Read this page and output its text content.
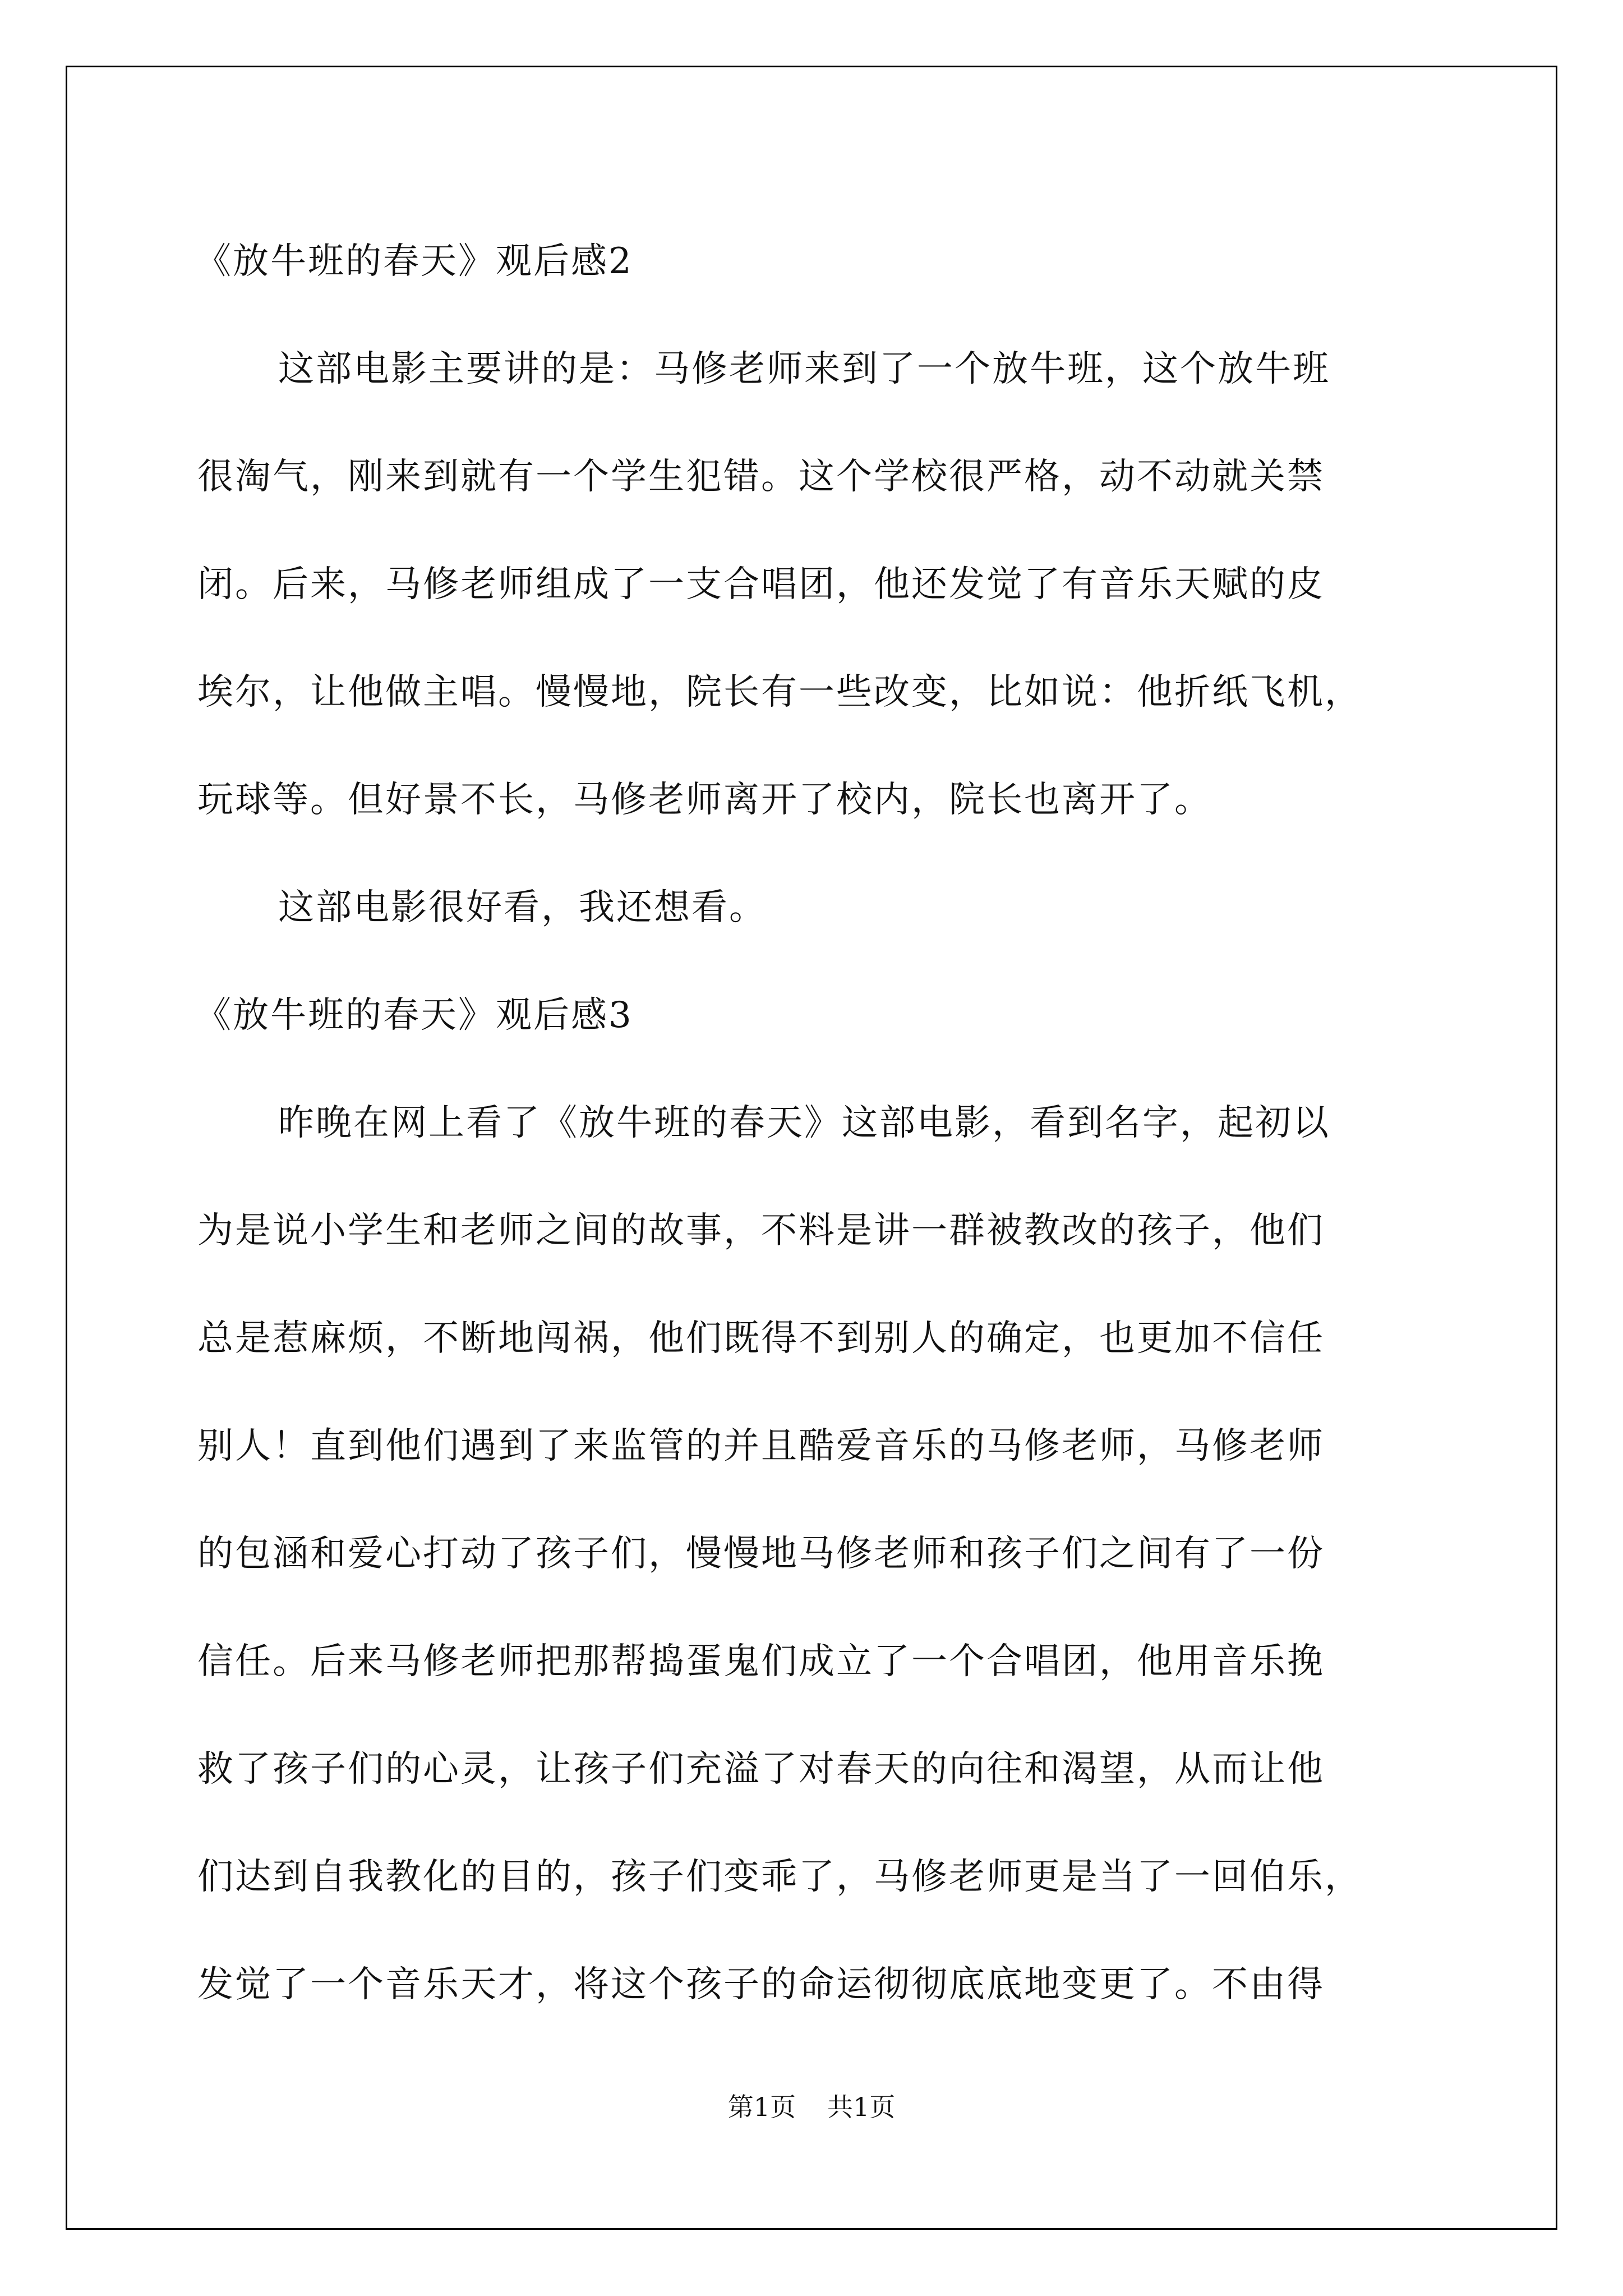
《放牛班的春天》观后感2
这部电影主要讲的是：马修老师来到了一个放牛班，这个放牛班
很淘气，刚来到就有一个学生犯错。这个学校很严格，动不动就关禁
闭。后来，马修老师组成了一支合唱团，他还发觉了有音乐天赋的皮
埃尔，让他做主唱。慢慢地，院长有一些改变，比如说：他折纸飞机，
玩球等。但好景不长，马修老师离开了校内，院长也离开了。
这部电影很好看，我还想看。
《放牛班的春天》观后感3
昨晚在网上看了《放牛班的春天》这部电影，看到名字，起初以
为是说小学生和老师之间的故事，不料是讲一群被教改的孩子，他们
总是惹麻烦，不断地闯祸，他们既得不到别人的确定，也更加不信任
别人！直到他们遇到了来监管的并且酷爱音乐的马修老师，马修老师
的包涵和爱心打动了孩子们，慢慢地马修老师和孩子们之间有了一份
信任。后来马修老师把那帮捣蛋鬼们成立了一个合唱团，他用音乐挽
救了孩子们的心灵，让孩子们充溢了对春天的向往和渴望，从而让他
们达到自我教化的目的，孩子们变乖了，马修老师更是当了一回伯乐，
发觉了一个音乐天才，将这个孩子的命运彻彻底底地变更了。不由得
第1页 共1页
